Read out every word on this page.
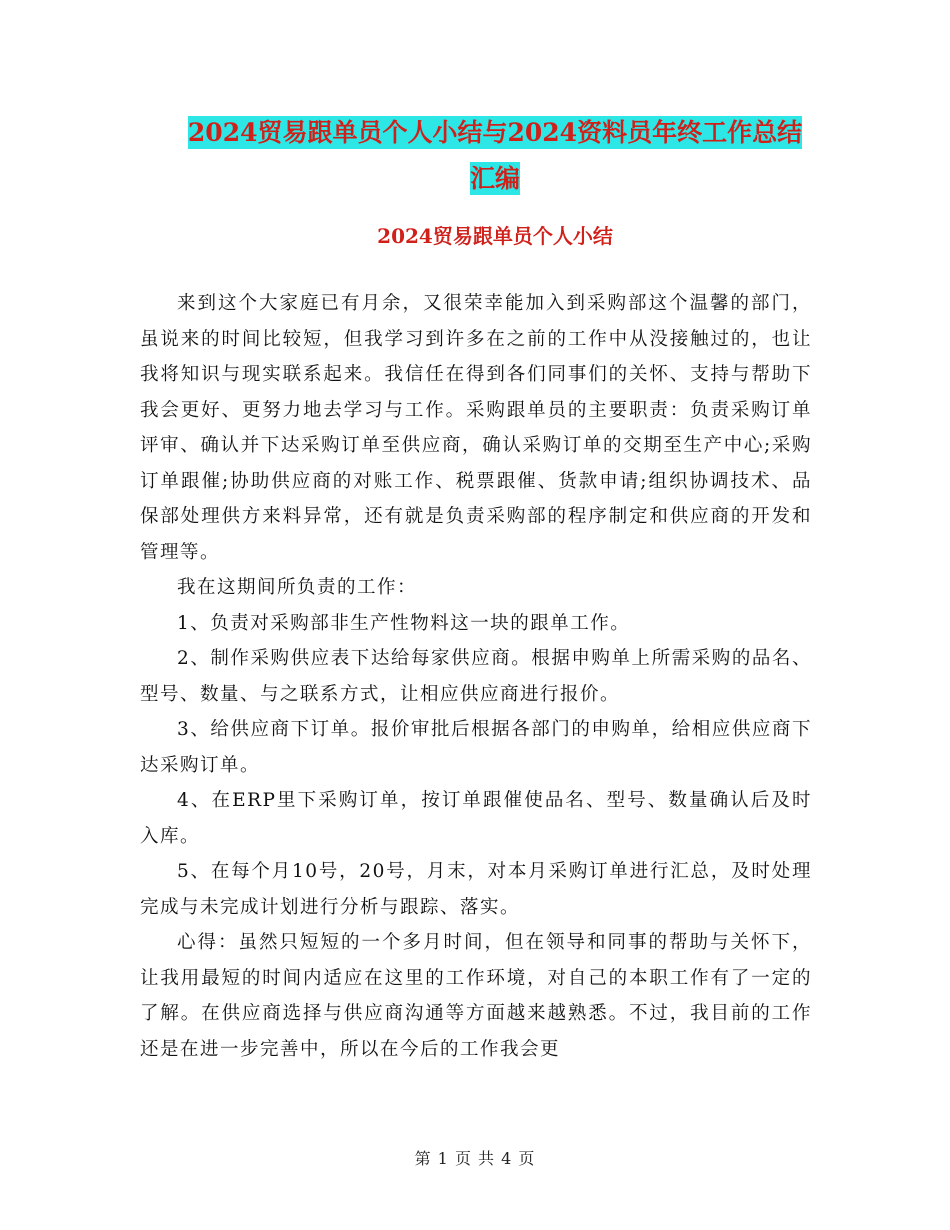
2024贸易跟单员个人小结与2024资料员年终工作总结
汇编
2024贸易跟单员个人小结

来到这个大家庭已有月余，又很荣幸能加入到采购部这个温馨的部门，虽说来的时间比较短，但我学习到许多在之前的工作中从没接触过的，也让我将知识与现实联系起来。我信任在得到各们同事们的关怀、支持与帮助下我会更好、更努力地去学习与工作。采购跟单员的主要职责：负责采购订单评审、确认并下达采购订单至供应商，确认采购订单的交期至生产中心;采购订单跟催;协助供应商的对账工作、税票跟催、货款申请;组织协调技术、品保部处理供方来料异常，还有就是负责采购部的程序制定和供应商的开发和管理等。

我在这期间所负责的工作：

1、负责对采购部非生产性物料这一块的跟单工作。

2、制作采购供应表下达给每家供应商。根据申购单上所需采购的品名、型号、数量、与之联系方式，让相应供应商进行报价。

3、给供应商下订单。报价审批后根据各部门的申购单，给相应供应商下达采购订单。

4、在ERP里下采购订单，按订单跟催使品名、型号、数量确认后及时入库。

5、在每个月10号，20号，月末，对本月采购订单进行汇总，及时处理完成与未完成计划进行分析与跟踪、落实。

心得：虽然只短短的一个多月时间，但在领导和同事的帮助与关怀下，让我用最短的时间内适应在这里的工作环境，对自己的本职工作有了一定的了解。在供应商选择与供应商沟通等方面越来越熟悉。不过，我目前的工作还是在进一步完善中，所以在今后的工作我会更

第 1 页 共 4 页
